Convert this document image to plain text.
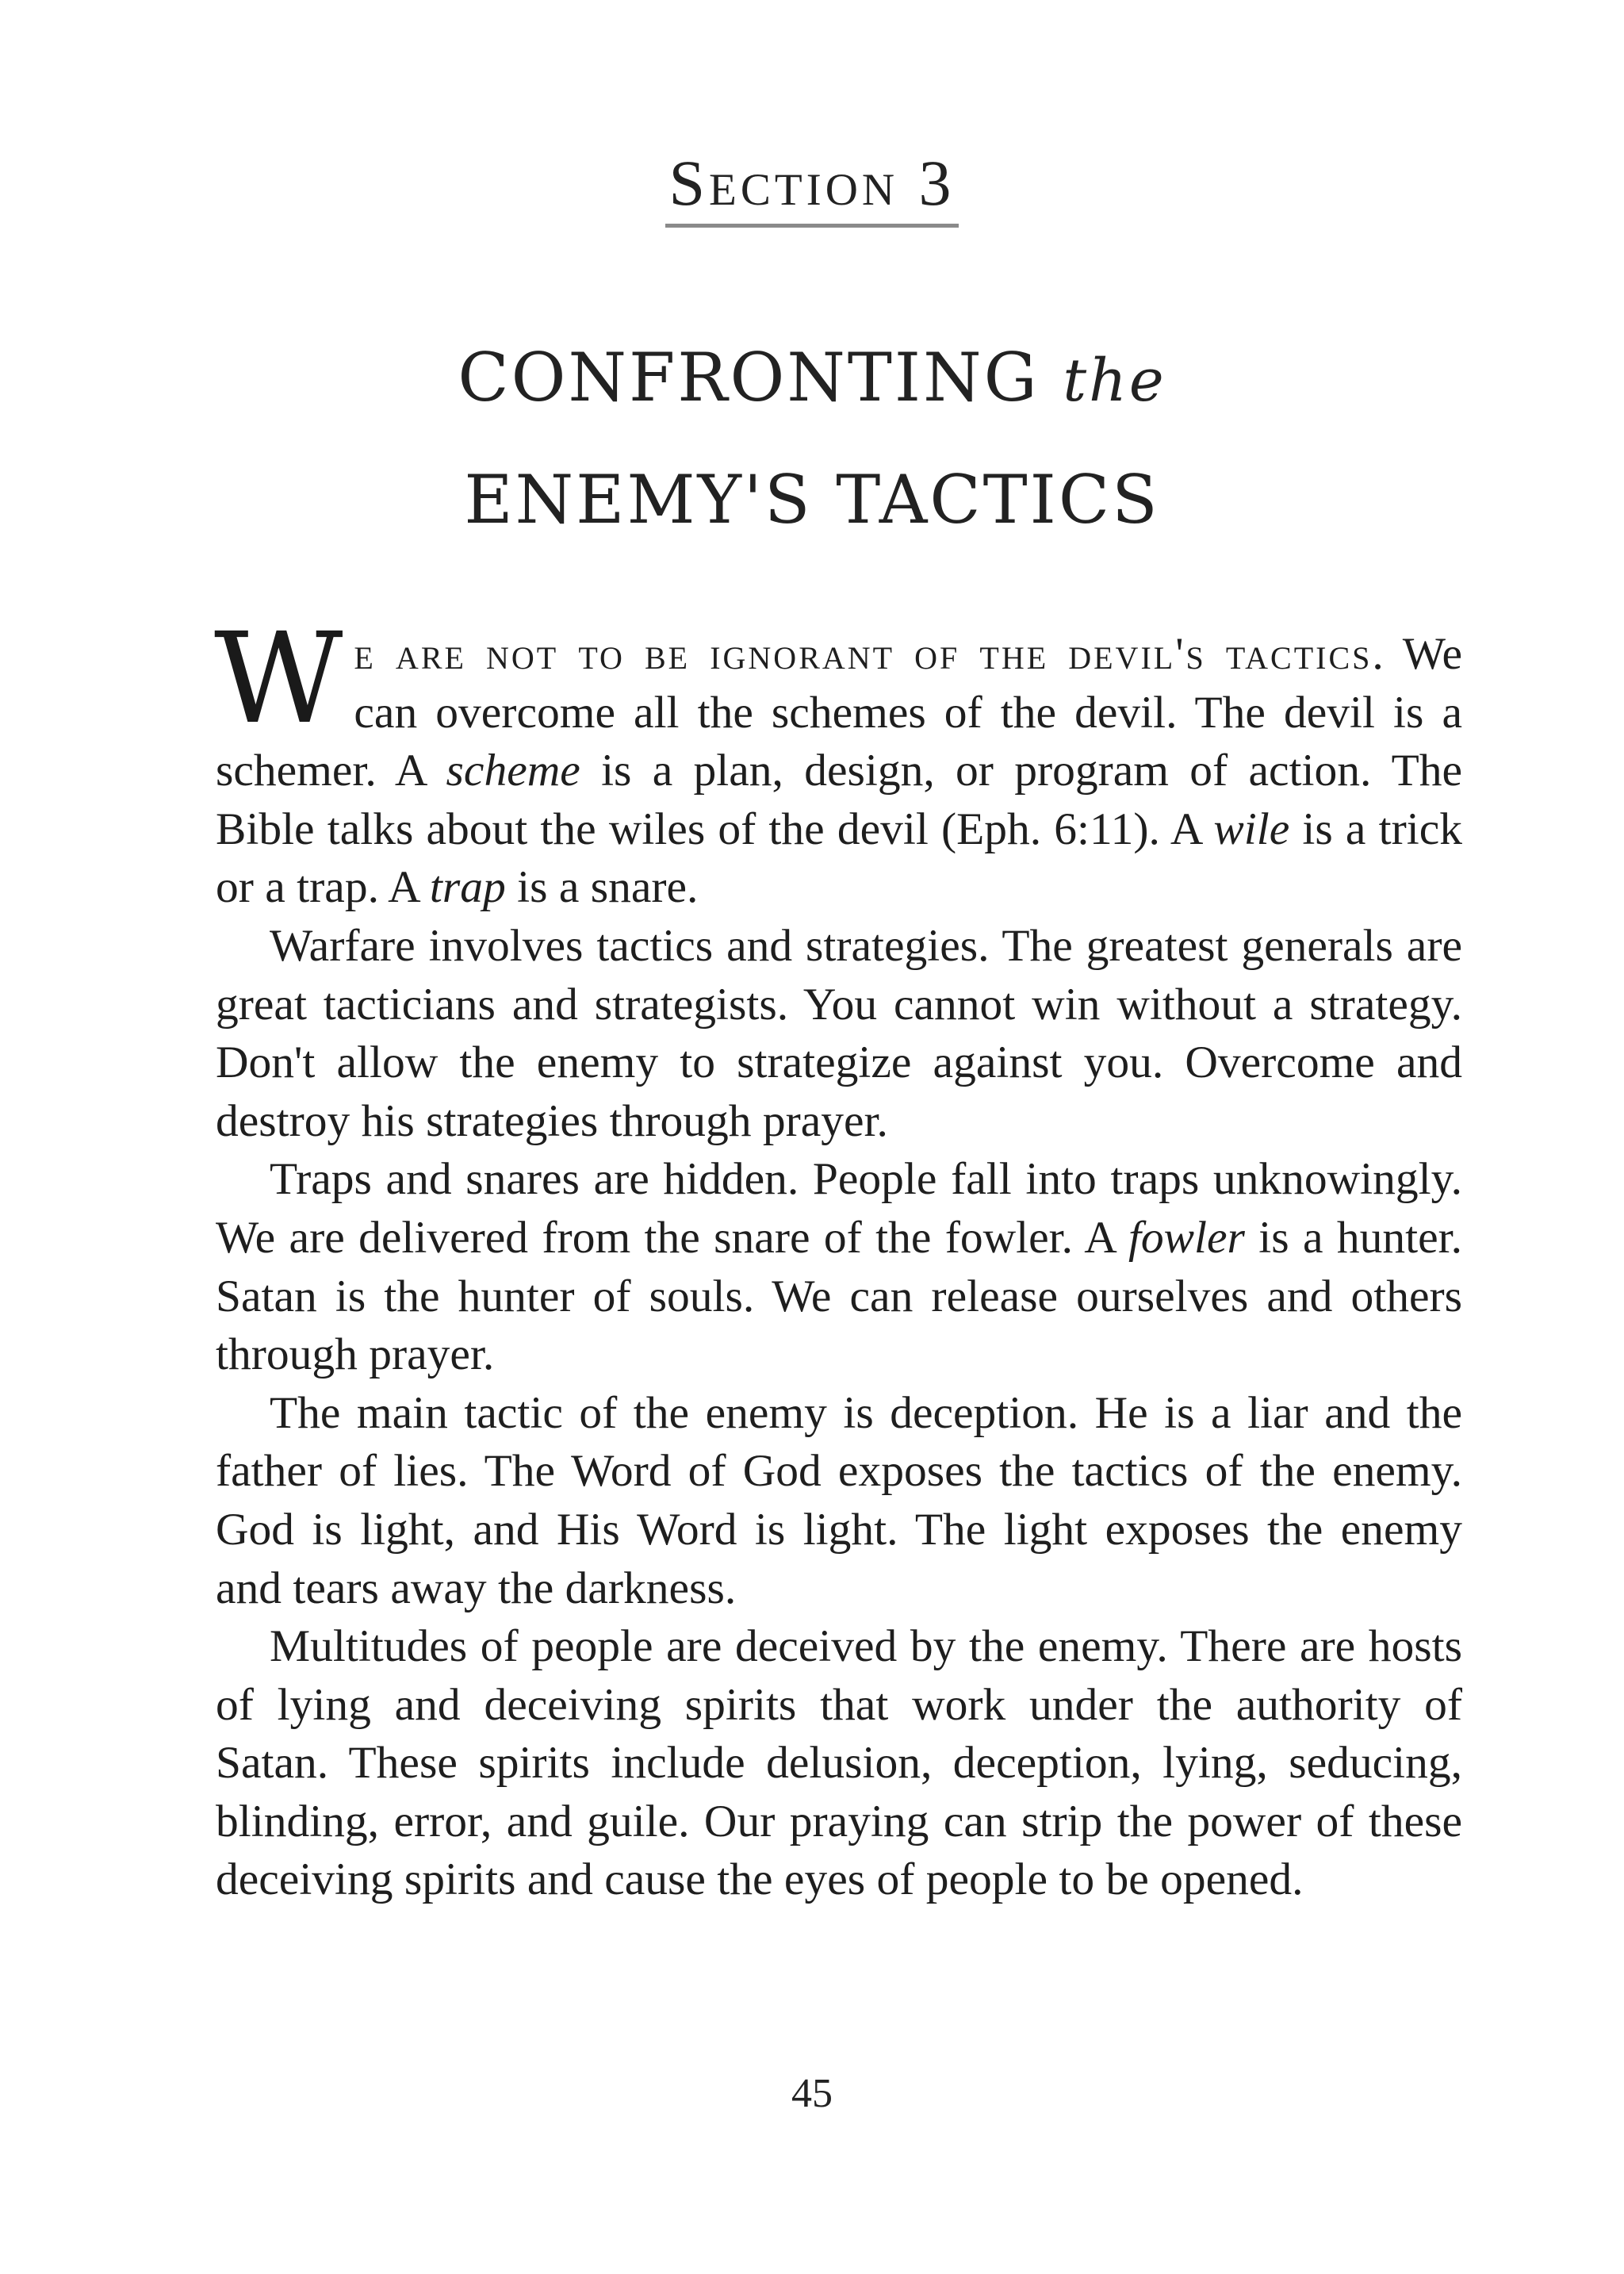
Section 3
CONFRONTING the
ENEMY'S TACTICS

We are not to be ignorant of the devil's tactics. We can overcome all the schemes of the devil. The devil is a schemer. A scheme is a plan, design, or program of action. The Bible talks about the wiles of the devil (Eph. 6:11). A wile is a trick or a trap. A trap is a snare.

Warfare involves tactics and strategies. The greatest generals are great tacticians and strategists. You cannot win without a strategy. Don't allow the enemy to strategize against you. Overcome and destroy his strategies through prayer.

Traps and snares are hidden. People fall into traps unknowingly. We are delivered from the snare of the fowler. A fowler is a hunter. Satan is the hunter of souls. We can release ourselves and others through prayer.

The main tactic of the enemy is deception. He is a liar and the father of lies. The Word of God exposes the tactics of the enemy. God is light, and His Word is light. The light exposes the enemy and tears away the darkness.

Multitudes of people are deceived by the enemy. There are hosts of lying and deceiving spirits that work under the authority of Satan. These spirits include delusion, deception, lying, seducing, blinding, error, and guile. Our praying can strip the power of these deceiving spirits and cause the eyes of people to be opened.

45
